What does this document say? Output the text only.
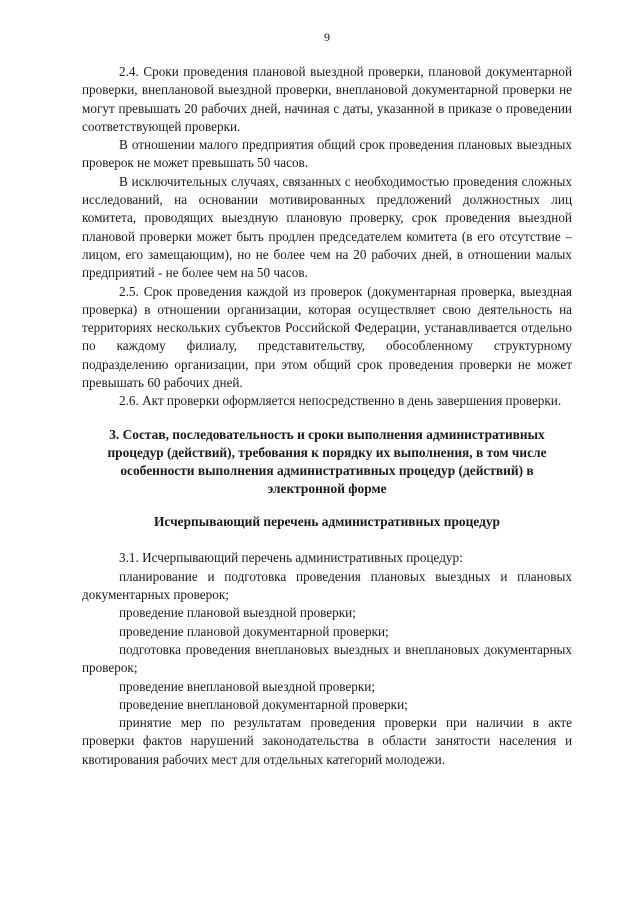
9

2.4. Сроки проведения плановой выездной проверки, плановой документарной проверки, внеплановой выездной проверки, внеплановой документарной проверки не могут превышать 20 рабочих дней, начиная с даты, указанной в приказе о проведении соответствующей проверки.

В отношении малого предприятия общий срок проведения плановых выездных проверок не может превышать 50 часов.

В исключительных случаях, связанных с необходимостью проведения сложных исследований, на основании мотивированных предложений должностных лиц комитета, проводящих выездную плановую проверку, срок проведения выездной плановой проверки может быть продлен председателем комитета (в его отсутствие – лицом, его замещающим), но не более чем на 20 рабочих дней, в отношении малых предприятий - не более чем на 50 часов.

2.5. Срок проведения каждой из проверок (документарная проверка, выездная проверка) в отношении организации, которая осуществляет свою деятельность на территориях нескольких субъектов Российской Федерации, устанавливается отдельно по каждому филиалу, представительству, обособленному структурному подразделению организации, при этом общий срок проведения проверки не может превышать 60 рабочих дней.

2.6. Акт проверки оформляется непосредственно в день завершения проверки.

3. Состав, последовательность и сроки выполнения административных процедур (действий), требования к порядку их выполнения, в том числе особенности выполнения административных процедур (действий) в электронной форме
Исчерпывающий перечень административных процедур

3.1. Исчерпывающий перечень административных процедур:

планирование и подготовка проведения плановых выездных и плановых документарных проверок;

проведение плановой выездной проверки;

проведение плановой документарной проверки;

подготовка проведения внеплановых выездных и внеплановых документарных проверок;

проведение внеплановой выездной проверки;

проведение внеплановой документарной проверки;

принятие мер по результатам проведения проверки при наличии в акте проверки фактов нарушений законодательства в области занятости населения и квотирования рабочих мест для отдельных категорий молодежи.
